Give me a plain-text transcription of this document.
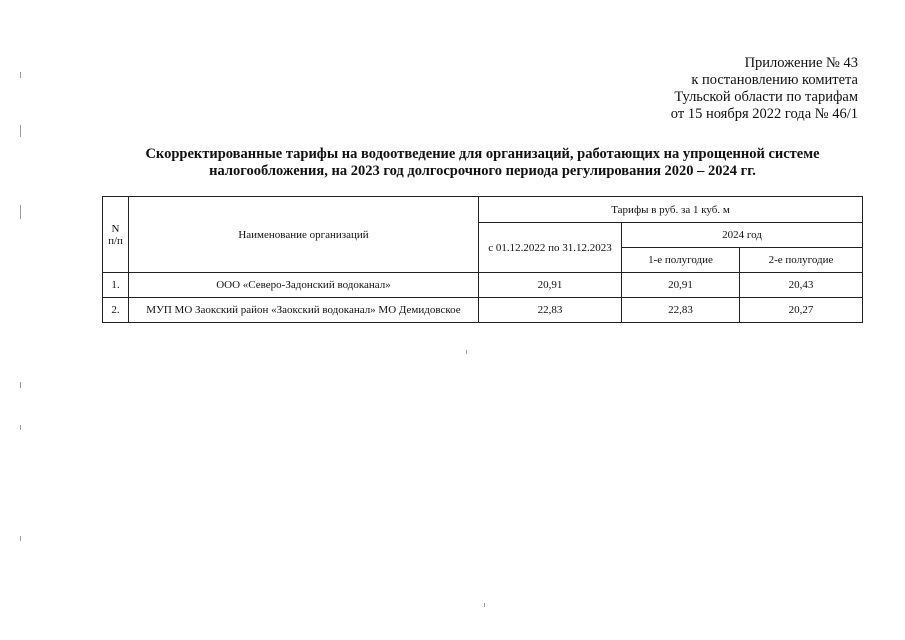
Приложение № 43
к постановлению комитета
Тульской области по тарифам
от 15 ноября 2022 года № 46/1
Скорректированные тарифы на водоотведение для организаций, работающих на упрощенной системе
налогообложения, на 2023 год долгосрочного периода регулирования 2020 – 2024 гг.
N
п/п	Наименование организаций	Тарифы в руб. за 1 куб. м		
		с 01.12.2022 по 31.12.2023	2024 год	
			1-е полугодие	2-е полугодие
1.	ООО «Северо-Задонский водоканал»	20,91	20,91	20,43
2.	МУП МО Заокский район «Заокский водоканал» МО Демидовское	22,83	22,83	20,27
